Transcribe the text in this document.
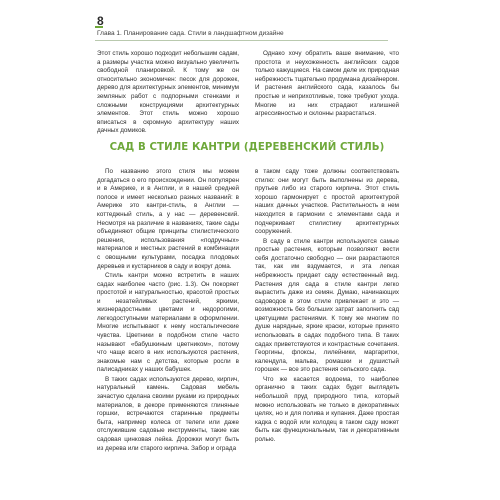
8
Глава 1. Планирование сада. Стили в ландшафтном дизайне

Этот стиль хорошо подходит небольшим садам, а размеры участка можно визуально увеличить свободной планировкой. К тому же он относительно экономичен: песок для дорожек, дерево для архитектурных элементов, минимум земляных работ с подпорными стенками и сложными конструкциями архитектурных элементов. Этот стиль можно хорошо вписаться в скромную архитектуру наших дачных домиков.

Однако хочу обратить ваше внимание, что простота и неухоженность английских садов только кажущиеся. На самом деле их природная небрежность тщательно продумана дизайнером. И растения английского сада, казалось бы простые и неприхотливые, тоже требуют ухода. Многие из них страдают излишней агрессивностью и склонны разрастаться.

САД В СТИЛЕ КАНТРИ (ДЕРЕВЕНСКИЙ СТИЛЬ)

По названию этого стиля мы можем догадаться о его происхождении. Он популярен и в Америке, и в Англии, и в нашей средней полосе и имеет несколько разных названий: в Америке это кантри-стиль, в Англии — коттеджный стиль, а у нас — деревенский. Несмотря на различие в названиях, такие сады объединяют общие принципы стилистического решения, использования «подручных» материалов и местных растений в комбинации с овощными культурами, посадка плодовых деревьев и кустарников в саду и вокруг дома.

Стиль кантри можно встретить в наших садах наиболее часто (рис. 1.3). Он покоряет простотой и натуральностью, красотой простых и незатейливых растений, яркими, жизнерадостными цветами и недорогими, легкодоступными материалами в оформлении. Многие испытывают к нему ностальгические чувства. Цветники в подобном стиле часто называют «бабушкиным цветником», потому что чаще всего в них используются растения, знакомые нам с детства, которые росли в палисадниках у наших бабушек.

В таких садах используются дерево, кирпич, натуральный камень. Садовая мебель зачастую сделана своими руками из природных материалов, в декоре применяются глиняные горшки, встречаются старинные предметы быта, например колеса от телеги или даже отслужившие садовые инструменты, такие как садовая цинковая лейка. Дорожки могут быть из дерева или старого кирпича. Забор и ограда

в таком саду тоже должны соответствовать стилю: они могут быть выполнены из дерева, прутьев либо из старого кирпича. Этот стиль хорошо гармонирует с простой архитектурой наших дачных участков. Растительность в нем находится в гармонии с элементами сада и подчеркивает стилистику архитектурных сооружений.

В саду в стиле кантри используются самые простые растения, которым позволяют вести себя достаточно свободно — они разрастаются так, как им вздумается, и эта легкая небрежность придает саду естественный вид. Растения для сада в стиле кантри легко вырастить даже из семян. Думаю, начинающих садоводов в этом стиле привлекает и это — возможность без больших затрат заполнить сад цветущими растениями. К тому же многим по душе нарядные, яркие краски, которые принято использовать в садах подобного типа. В таких садах приветствуются и контрастные сочетания. Георгины, флоксы, лилейники, маргаритки, календула, мальва, ромашки и душистый горошек — все это растения сельского сада.

Что же касается водоема, то наиболее органично в таких садах будет выглядеть небольшой пруд природного типа, который можно использовать не только в декоративных целях, но и для полива и купания. Даже простая кадка с водой или колодец в таком саду может быть как функциональным, так и декоративным ролью.
